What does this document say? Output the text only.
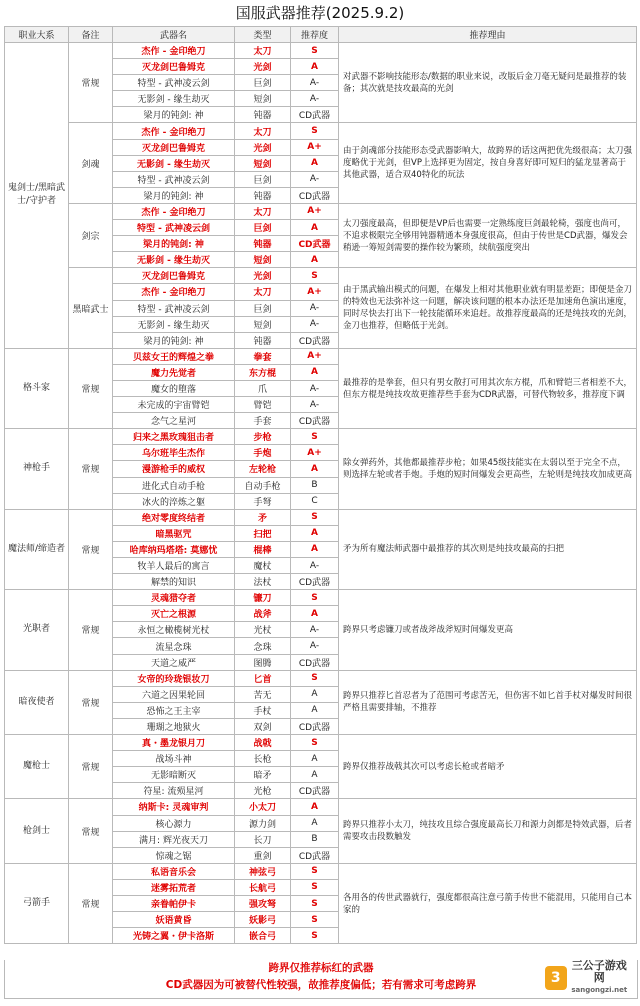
国服武器推荐(2025.9.2)
职业大系	备注	武器名	类型	推荐度	推荐理由
鬼剑士/黑暗武士/守护者	常规	杰作 - 金印绝刀	太刀	S	对武器不影响技能形态/数据的职业来说，改版后金刀毫无疑问是最推荐的装备；其次就是技攻最高的光剑
		灭龙剑巴鲁姆克	光剑	A	
		特型 - 武神凌云剑	巨剑	A-	
		无影剑 - 缘生劫灭	短剑	A-	
		梁月的钝剑: 神	钝器	CD武器	
	剑魂	杰作 - 金印绝刀	太刀	S	由于剑魂部分技能形态受武器影响大，故跨界的话这两把优先级很高；太刀强度略优于光剑，但VP上选择更为固定，按自身喜好即可短归的猛龙显著高于其他武器，适合双40特化的玩法
		灭龙剑巴鲁姆克	光剑	A+	
		无影剑 - 缘生劫灭	短剑	A	
		特型 - 武神凌云剑	巨剑	A-	
		梁月的钝剑: 神	钝器	CD武器	
	剑宗	杰作 - 金印绝刀	太刀	A+	太刀强度最高，但即便是VP后也需要一定熟练度巨剑最轮椅，强度也尚可，不追求极限完全够用钝器精通本身强度很高，但由于传世是CD武器，爆发会稍逊一筹短剑需要的操作较为繁琐，续航强度突出
		特型 - 武神凌云剑	巨剑	A	
		梁月的钝剑: 神	钝器	CD武器	
		无影剑 - 缘生劫灭	短剑	A	
	黑暗武士	灭龙剑巴鲁姆克	光剑	S	由于黑武输出模式的问题，在爆发上相对其他职业就有明显差距；即便是金刀的特效也无法弥补这一问题，解决该问题的根本办法还是加速角色演出速度，同时尽快去打出下一轮技能循环来追赶。故推荐度最高的还是纯技攻的光剑，金刀也推荐，但略低于光剑。
		杰作 - 金印绝刀	太刀	A+	
		特型 - 武神凌云剑	巨剑	A-	
		无影剑 - 缘生劫灭	短剑	A-	
		梁月的钝剑: 神	钝器	CD武器	
格斗家	常规	贝兹女王的辉煌之拳	拳套	A+	最推荐的是拳套，但只有男女散打可用其次东方棍，爪和臂铠三者相差不大，但东方棍是纯技攻故更推荐些手套为CDR武器，可替代物较多，推荐度下调
		魔力先觉者	东方棍	A	
		魔女的堕落	爪	A-	
		未完成的宇宙臂铠	臂铠	A-	
		念气之星河	手套	CD武器	
神枪手	常规	归来之黑玫瑰狙击者	步枪	S	除女弹药外，其他都最推荐步枪；如果45级技能实在太弱以至于完全不点，则选择左轮或者手炮。手炮的短时间爆发会更高些，左轮则是纯技攻加成更高
		乌尔班毕生杰作	手炮	A+	
		漫游枪手的威权	左轮枪	A	
		进化式自动手枪	自动手枪	B	
		冰火的淬炼之躯	手弩	C	
魔法师/缔造者	常规	绝对零度终结者	矛	S	矛为所有魔法师武器中最推荐的其次则是纯技攻最高的扫把
		暗黑驱咒	扫把	A	
		哈库纳玛塔塔: 莫娜忧	棍棒	A	
		牧羊人最后的寓言	魔杖	A-	
		解禁的知识	法杖	CD武器	
光职者	常规	灵魂猎夺者	镰刀	S	跨界只考虑镰刀或者战斧战斧短时间爆发更高
		灭亡之根源	战斧	A	
		永恒之橄榄树光杖	光杖	A-	
		流星念珠	念珠	A-	
		天道之威严	图腾	CD武器	
暗夜使者	常规	女帝的玲珑银妆刀	匕首	S	跨界只推荐匕首忍者为了范围可考虑苦无，但伤害不如匕首手杖对爆发时间很严格且需要排轴，不推荐
		六道之因果轮回	苦无	A	
		恐怖之王主宰	手杖	A	
		珊瑚之地狱火	双剑	CD武器	
魔枪士	常规	真・墨龙银月刀	战戟	S	跨界仅推荐战戟其次可以考虑长枪或者暗矛
		战场斗神	长枪	A	
		无影暗断灭	暗矛	A	
		符星: 流殒星河	光枪	CD武器	
枪剑士	常规	纳斯卡: 灵魂审判	小太刀	A	跨界只推荐小太刀，纯技攻且综合强度最高长刀和源力剑都是特效武器，后者需要攻击段数触发
		核心源力	源力剑	A	
		满月: 辉光夜天刀	长刀	B	
		惊魂之锯	重剑	CD武器	
弓箭手	常规	私语音乐会	神弦弓	S	各用各的传世武器就行，强度都很高注意弓箭手传世不能混用，只能用自己本家的
		迷雾拓荒者	长航弓	S	
		亲眷帕伊卡	强攻弩	S	
		妖语黄昏	妖影弓	S	
		光铸之翼・伊卡洛斯	嵌合弓	S	
跨界仅推荐标红的武器
CD武器因为可被替代性较强，故推荐度偏低；若有需求可考虑跨界	3
三公子游戏网
sangongzi.net
